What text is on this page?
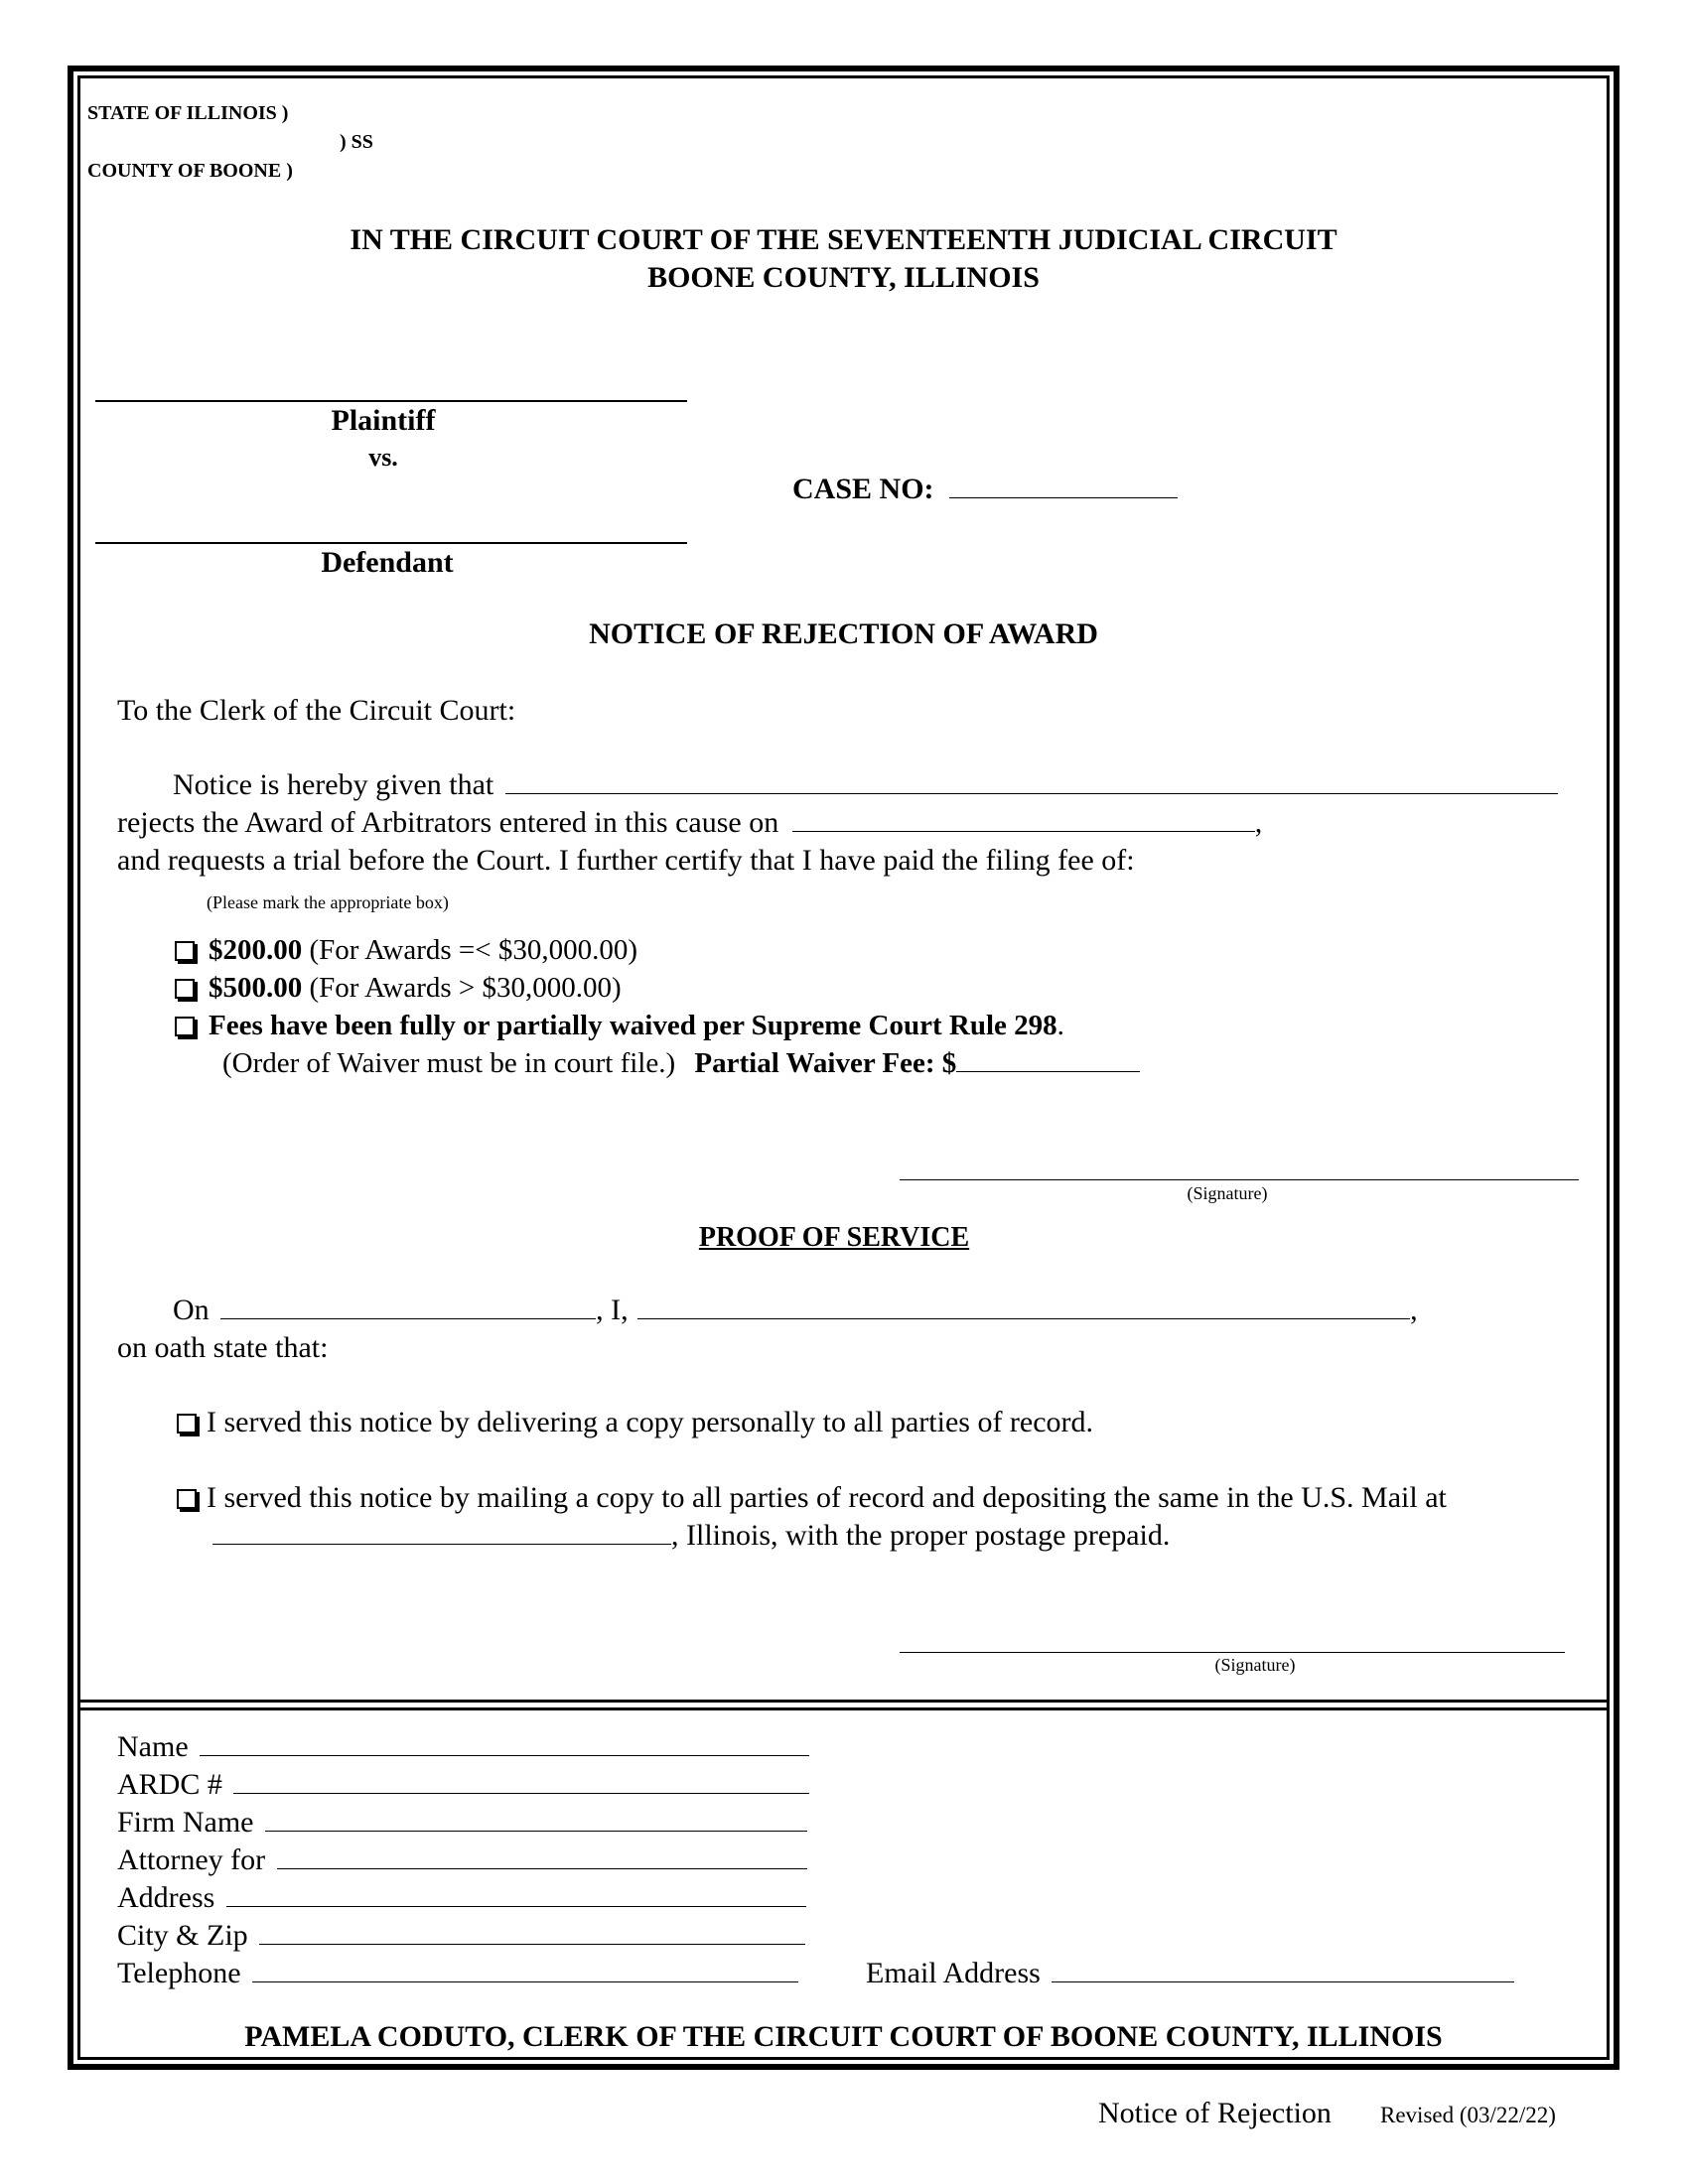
STATE OF ILLINOIS )
) SS
COUNTY OF BOONE )
IN THE CIRCUIT COURT OF THE SEVENTEENTH JUDICIAL CIRCUIT
BOONE COUNTY, ILLINOIS
Plaintiff
vs.
CASE NO:
Defendant
NOTICE OF REJECTION OF AWARD
To the Clerk of the Circuit Court:
Notice is hereby given that
rejects the Award of Arbitrators entered in this cause on	,
and requests a trial before the Court. I further certify that I have paid the filing fee of:
(Please mark the appropriate box)
$200.00 (For Awards =< $30,000.00)
$500.00 (For Awards > $30,000.00)
Fees have been fully or partially waived per Supreme Court Rule 298.
(Order of Waiver must be in court file.) Partial Waiver Fee: $
(Signature)
PROOF OF SERVICE
On	, I,	,
on oath state that:
I served this notice by delivering a copy personally to all parties of record.
I served this notice by mailing a copy to all parties of record and depositing the same in the U.S. Mail at
, Illinois, with the proper postage prepaid.
(Signature)
Name
ARDC #
Firm Name
Attorney for
Address
City & Zip
Telephone	Email Address
PAMELA CODUTO, CLERK OF THE CIRCUIT COURT OF BOONE COUNTY, ILLINOIS
Notice of Rejection Revised (03/22/22)
